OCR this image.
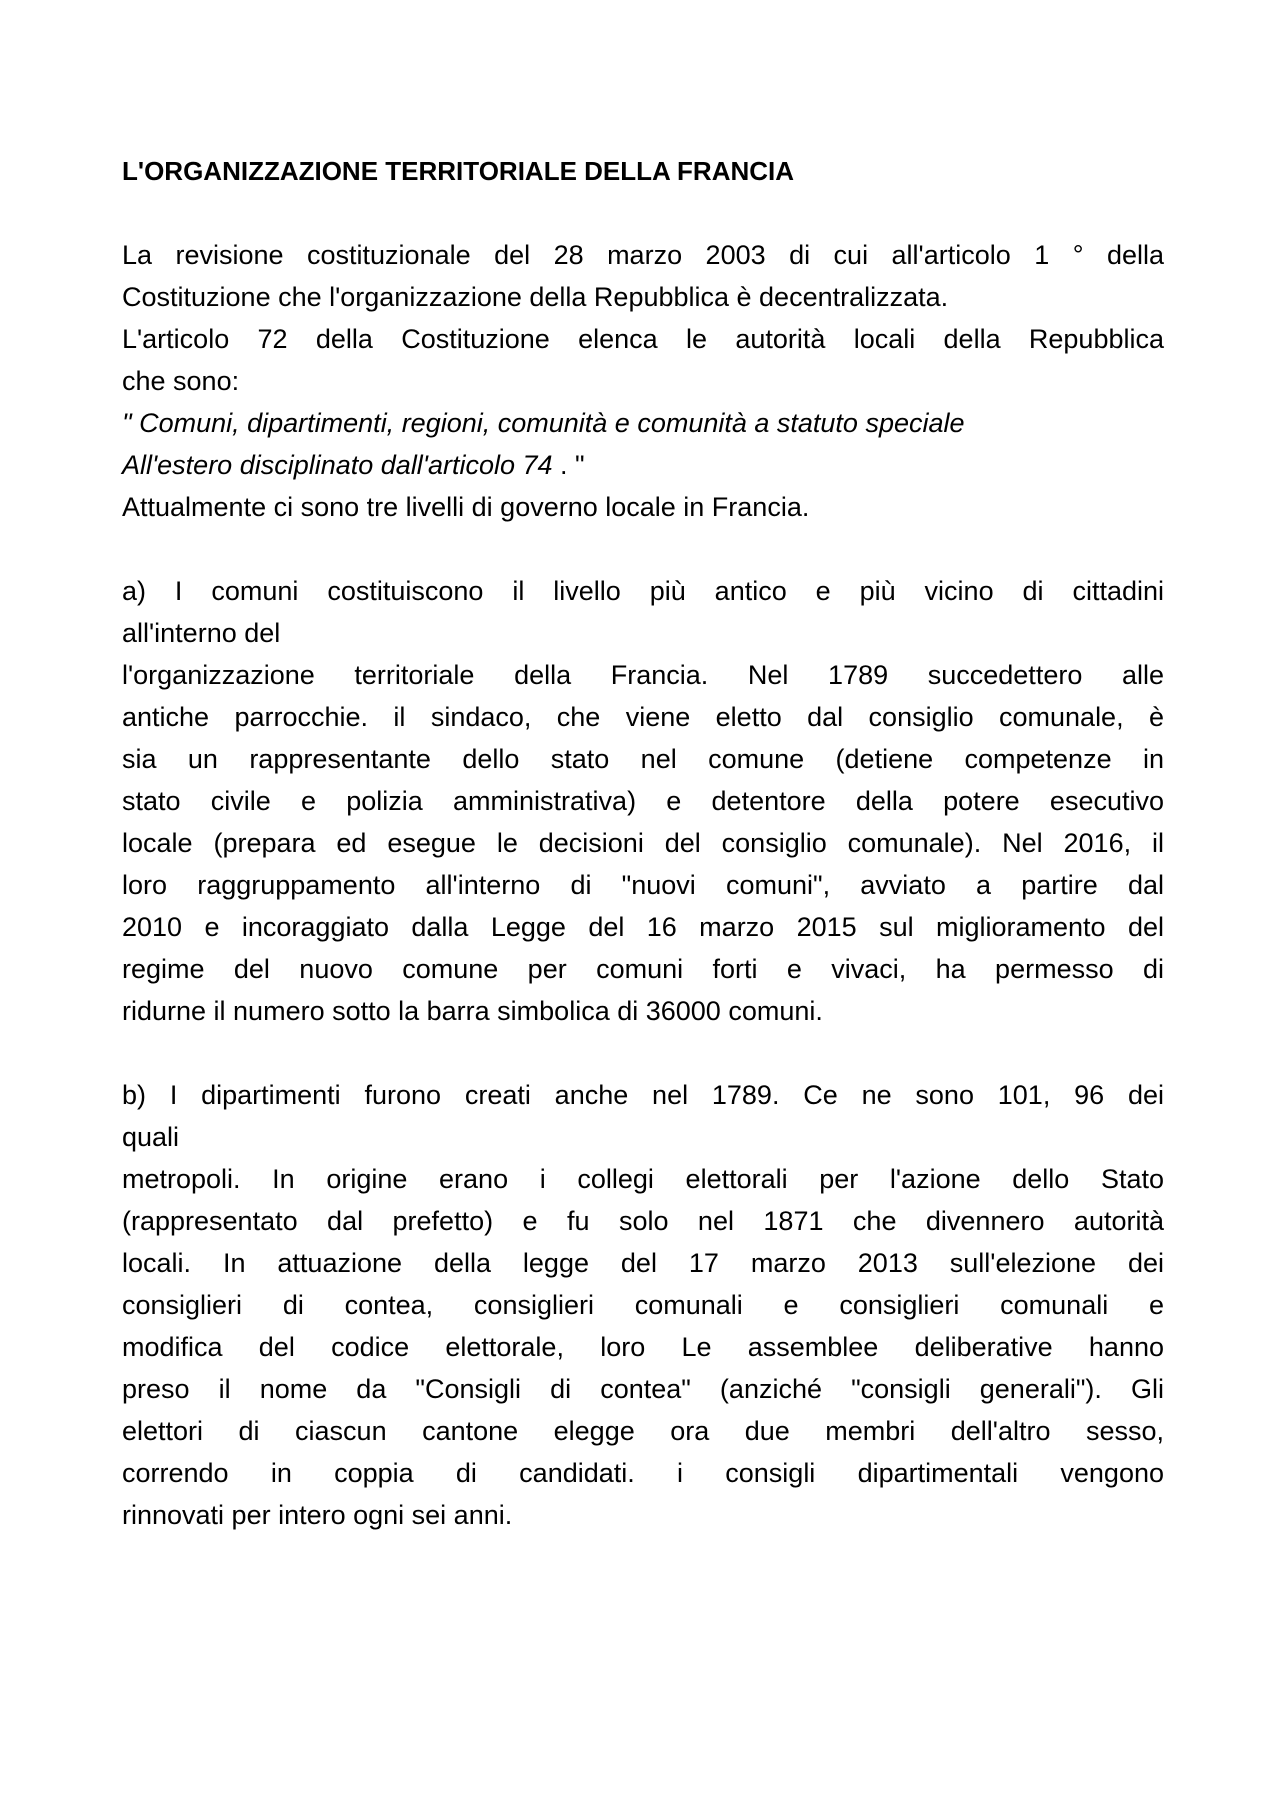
L'ORGANIZZAZIONE TERRITORIALE DELLA FRANCIA
La revisione costituzionale del 28 marzo 2003 di cui all'articolo 1 ° della
Costituzione che l'organizzazione della Repubblica è decentralizzata.
L'articolo 72 della Costituzione elenca le autorità locali della Repubblica
che sono:
" Comuni, dipartimenti, regioni, comunità e comunità a statuto speciale
All'estero disciplinato dall'articolo 74 . "
Attualmente ci sono tre livelli di governo locale in Francia.
a) I comuni costituiscono il livello più antico e più vicino di cittadini
all'interno del
l'organizzazione territoriale della Francia. Nel 1789 succedettero alle
antiche parrocchie. il sindaco, che viene eletto dal consiglio comunale, è
sia un rappresentante dello stato nel comune (detiene competenze in
stato civile e polizia amministrativa) e detentore della potere esecutivo
locale (prepara ed esegue le decisioni del consiglio comunale). Nel 2016, il
loro raggruppamento all'interno di "nuovi comuni", avviato a partire dal
2010 e incoraggiato dalla Legge del 16 marzo 2015 sul miglioramento del
regime del nuovo comune per comuni forti e vivaci, ha permesso di
ridurne il numero sotto la barra simbolica di 36000 comuni.
b) I dipartimenti furono creati anche nel 1789. Ce ne sono 101, 96 dei
quali
metropoli. In origine erano i collegi elettorali per l'azione dello Stato
(rappresentato dal prefetto) e fu solo nel 1871 che divennero autorità
locali. In attuazione della legge del 17 marzo 2013 sull'elezione dei
consiglieri di contea, consiglieri comunali e consiglieri comunali e
modifica del codice elettorale, loro Le assemblee deliberative hanno
preso il nome da "Consigli di contea" (anziché "consigli generali"). Gli
elettori di ciascun cantone elegge ora due membri dell'altro sesso,
correndo in coppia di candidati. i consigli dipartimentali vengono
rinnovati per intero ogni sei anni.
